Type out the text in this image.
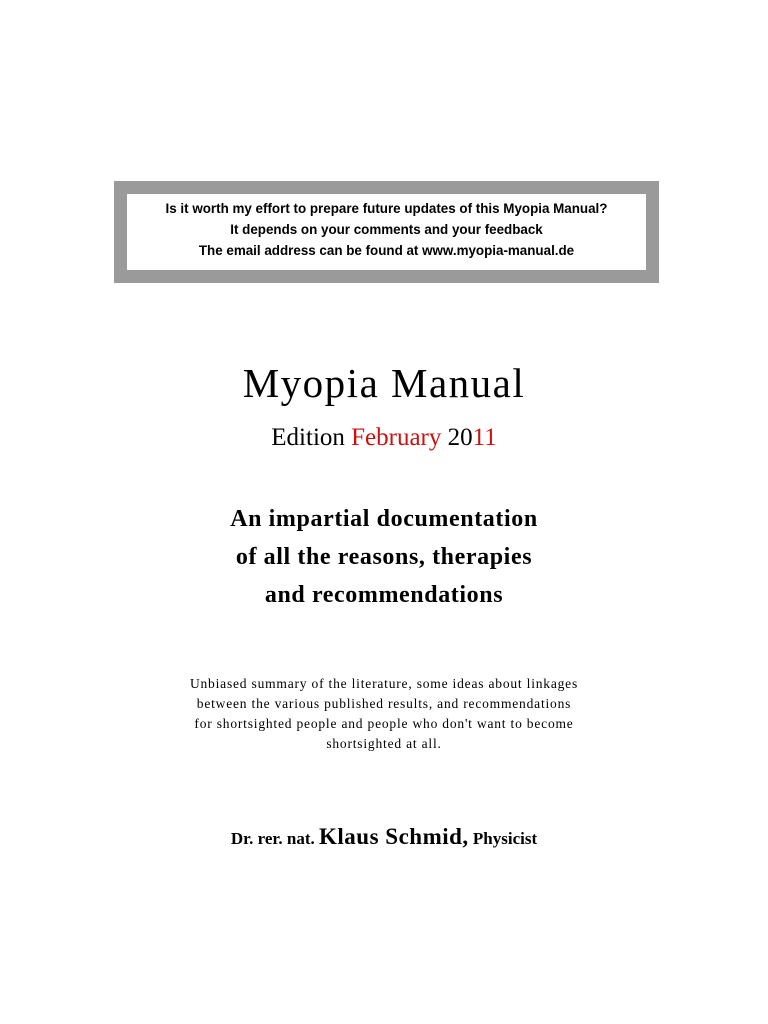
Is it worth my effort to prepare future updates of this Myopia Manual?
It depends on your comments and your feedback
The email address can be found at www.myopia-manual.de
Myopia Manual
Edition February 2011
An impartial documentation
of all the reasons, therapies
and recommendations
Unbiased summary of the literature, some ideas about linkages
between the various published results, and recommendations
for shortsighted people and people who don't want to become
shortsighted at all.
Dr. rer. nat. Klaus Schmid, Physicist
